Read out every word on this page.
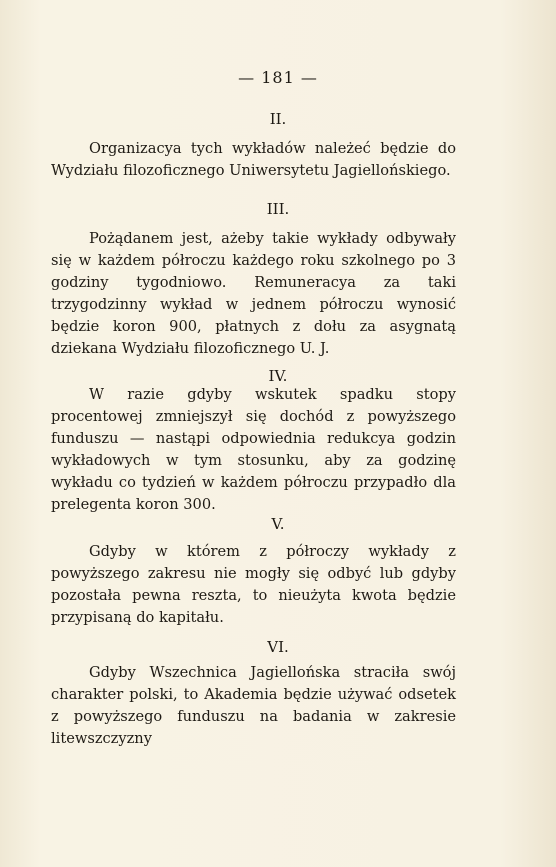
— 181 —
II.

Organizacya tych wykładów należeć będzie do Wydziału filozoficznego Uniwersytetu Jagiellońskiego.

III.

Pożądanem jest, ażeby takie wykłady odbywały się w każdem półroczu każdego roku szkolnego po 3 godziny tygodniowo. Remuneracya za taki trzygodzinny wykład w jednem półroczu wynosić będzie koron 900, płatnych z dołu za asygnatą dziekana Wydziału filozoficznego U. J.

IV.

W razie gdyby wskutek spadku stopy procentowej zmniejszył się dochód z powyższego funduszu — nastąpi odpowiednia redukcya godzin wykładowych w tym stosunku, aby za godzinę wykładu co tydzień w każdem półroczu przypadło dla prelegenta koron 300.

V.

Gdyby w którem z półroczy wykłady z powyższego zakresu nie mogły się odbyć lub gdyby pozostała pewna reszta, to nieużyta kwota będzie przypisaną do kapitału.

VI.

Gdyby Wszechnica Jagiellońska straciła swój charakter polski, to Akademia będzie używać odsetek z powyższego funduszu na badania w zakresie litewszczyzny
